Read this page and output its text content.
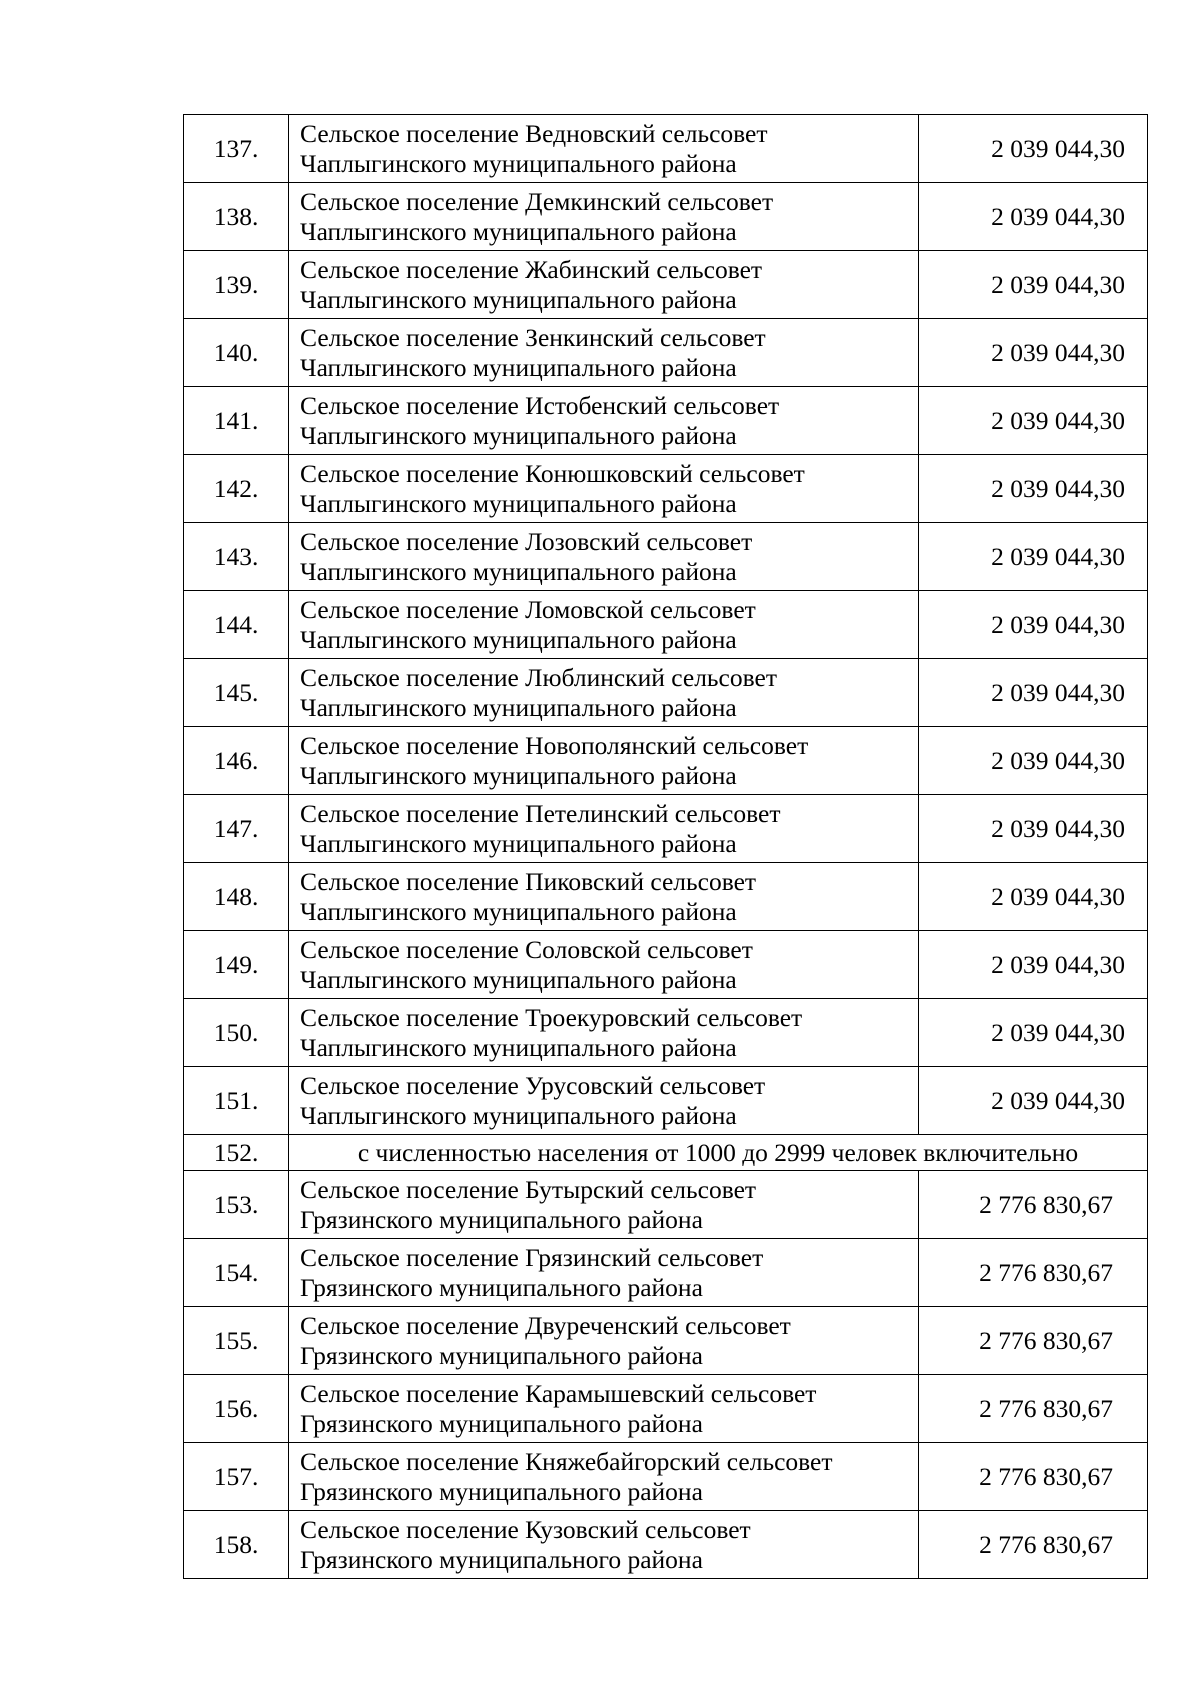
137.	Сельское поселение Ведновский сельсовет
Чаплыгинского муниципального района	2 039 044,30
138.	Сельское поселение Демкинский сельсовет
Чаплыгинского муниципального района	2 039 044,30
139.	Сельское поселение Жабинский сельсовет
Чаплыгинского муниципального района	2 039 044,30
140.	Сельское поселение Зенкинский сельсовет
Чаплыгинского муниципального района	2 039 044,30
141.	Сельское поселение Истобенский сельсовет
Чаплыгинского муниципального района	2 039 044,30
142.	Сельское поселение Конюшковский сельсовет
Чаплыгинского муниципального района	2 039 044,30
143.	Сельское поселение Лозовский сельсовет
Чаплыгинского муниципального района	2 039 044,30
144.	Сельское поселение Ломовской сельсовет
Чаплыгинского муниципального района	2 039 044,30
145.	Сельское поселение Люблинский сельсовет
Чаплыгинского муниципального района	2 039 044,30
146.	Сельское поселение Новополянский сельсовет
Чаплыгинского муниципального района	2 039 044,30
147.	Сельское поселение Петелинский сельсовет
Чаплыгинского муниципального района	2 039 044,30
148.	Сельское поселение Пиковский сельсовет
Чаплыгинского муниципального района	2 039 044,30
149.	Сельское поселение Соловской сельсовет
Чаплыгинского муниципального района	2 039 044,30
150.	Сельское поселение Троекуровский сельсовет
Чаплыгинского муниципального района	2 039 044,30
151.	Сельское поселение Урусовский сельсовет
Чаплыгинского муниципального района	2 039 044,30
152.	с численностью населения от 1000 до 2999 человек включительно	
153.	Сельское поселение Бутырский сельсовет
Грязинского муниципального района	2 776 830,67
154.	Сельское поселение Грязинский сельсовет
Грязинского муниципального района	2 776 830,67
155.	Сельское поселение Двуреченский сельсовет
Грязинского муниципального района	2 776 830,67
156.	Сельское поселение Карамышевский сельсовет
Грязинского муниципального района	2 776 830,67
157.	Сельское поселение Княжебайгорский сельсовет
Грязинского муниципального района	2 776 830,67
158.	Сельское поселение Кузовский сельсовет
Грязинского муниципального района	2 776 830,67
